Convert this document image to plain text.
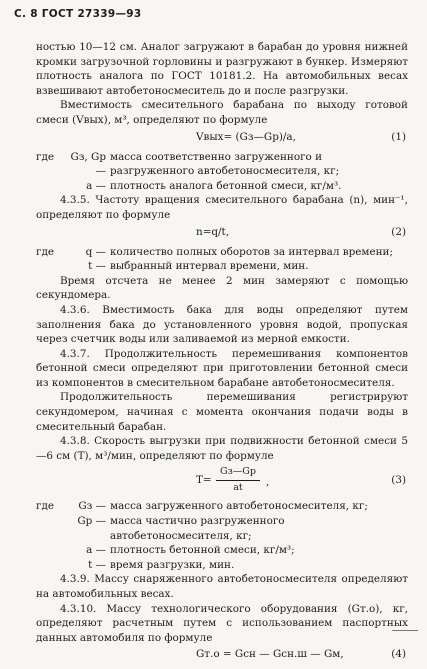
С. 8 ГОСТ 27339—93

ностью 10—12 см. Аналог загружают в барабан до уровня нижней кромки загрузочной горловины и разгружают в бункер. Измеряют плотность аналога по ГОСТ 10181.2. На автомобильных весах взвешивают автобетоносмеситель до и после разгрузки.

Вместимость смесительного барабана по выходу готовой смеси (Vвых), м³, определяют по формуле

Vвых= (Gз—Gр)/a,	(1)
где	Gз, Gр —
масса соответственно загруженного и разгруженного автобетоносмесителя, кг;
a — плотность аналога бетонной смеси, кг/м³.

4.3.5. Частоту вращения смесительного барабана (n), мин⁻¹, определяют по формуле

n=q/t,	(2)
где	q — количество полных оборотов за интервал времени;
t — выбранный интервал времени, мин.

Время отсчета не менее 2 мин замеряют с помощью секундомера.

4.3.6. Вместимость бака для воды определяют путем заполнения бака до установленного уровня водой, пропуская через счетчик воды или заливаемой из мерной емкости.

4.3.7. Продолжительность перемешивания компонентов бетонной смеси определяют при приготовлении бетонной смеси из компонентов в смесительном барабане автобетоносмесителя.

Продолжительность перемешивания регистрируют секундомером, начиная с момента окончания подачи воды в смесительный барабан.

4.3.8. Скорость выгрузки при подвижности бетонной смеси 5—6 см (T), м³/мин, определяют по формуле

T=
Gз—Gр
at	,	(3)
где	Gз — масса загруженного автобетоносмесителя, кг;
Gр — масса частично разгруженного автобетоносмесителя, кг;
a — плотность бетонной смеси, кг/м³;
t — время разгрузки, мин.

4.3.9. Массу снаряженного автобетоносмесителя определяют на автомобильных весах.

4.3.10. Массу технологического оборудования (Gт.о), кг, определяют расчетным путем с использованием паспортных данных автомобиля по формуле

Gт.о = Gсн — Gсн.ш — Gм,	(4)
